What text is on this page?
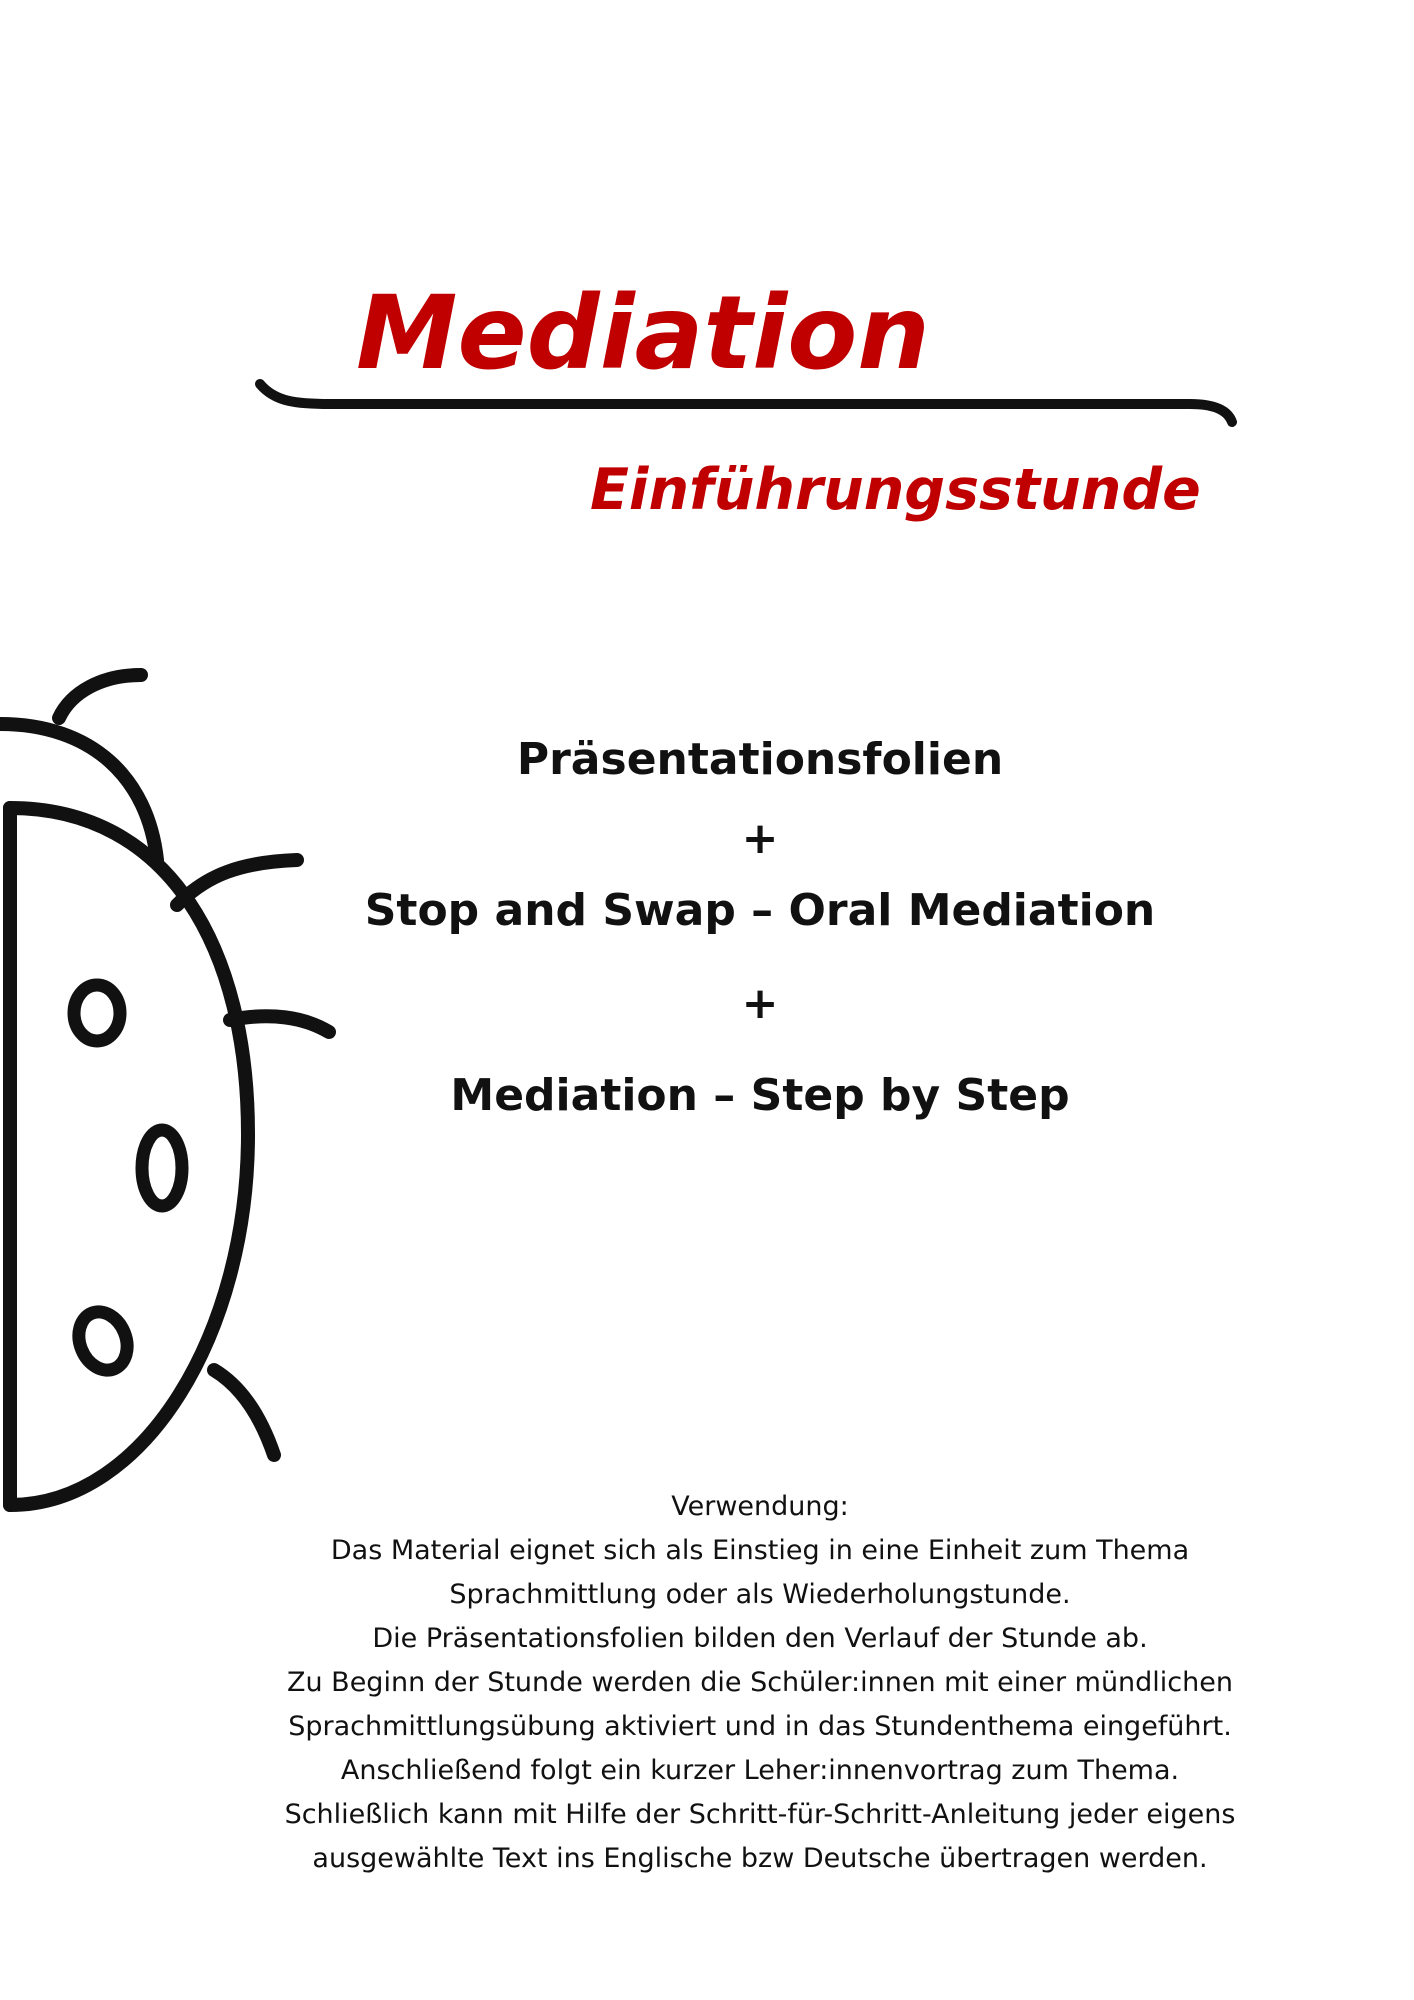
Mediation
Einführungsstunde
Präsentationsfolien
+
Stop and Swap – Oral Mediation
+
Mediation – Step by Step
Verwendung:
Das Material eignet sich als Einstieg in eine Einheit zum Thema
Sprachmittlung oder als Wiederholungstunde.
Die Präsentationsfolien bilden den Verlauf der Stunde ab.
Zu Beginn der Stunde werden die Schüler:innen mit einer mündlichen
Sprachmittlungsübung aktiviert und in das Stundenthema eingeführt.
Anschließend folgt ein kurzer Leher:innenvortrag zum Thema.
Schließlich kann mit Hilfe der Schritt-für-Schritt-Anleitung jeder eigens
ausgewählte Text ins Englische bzw Deutsche übertragen werden.
